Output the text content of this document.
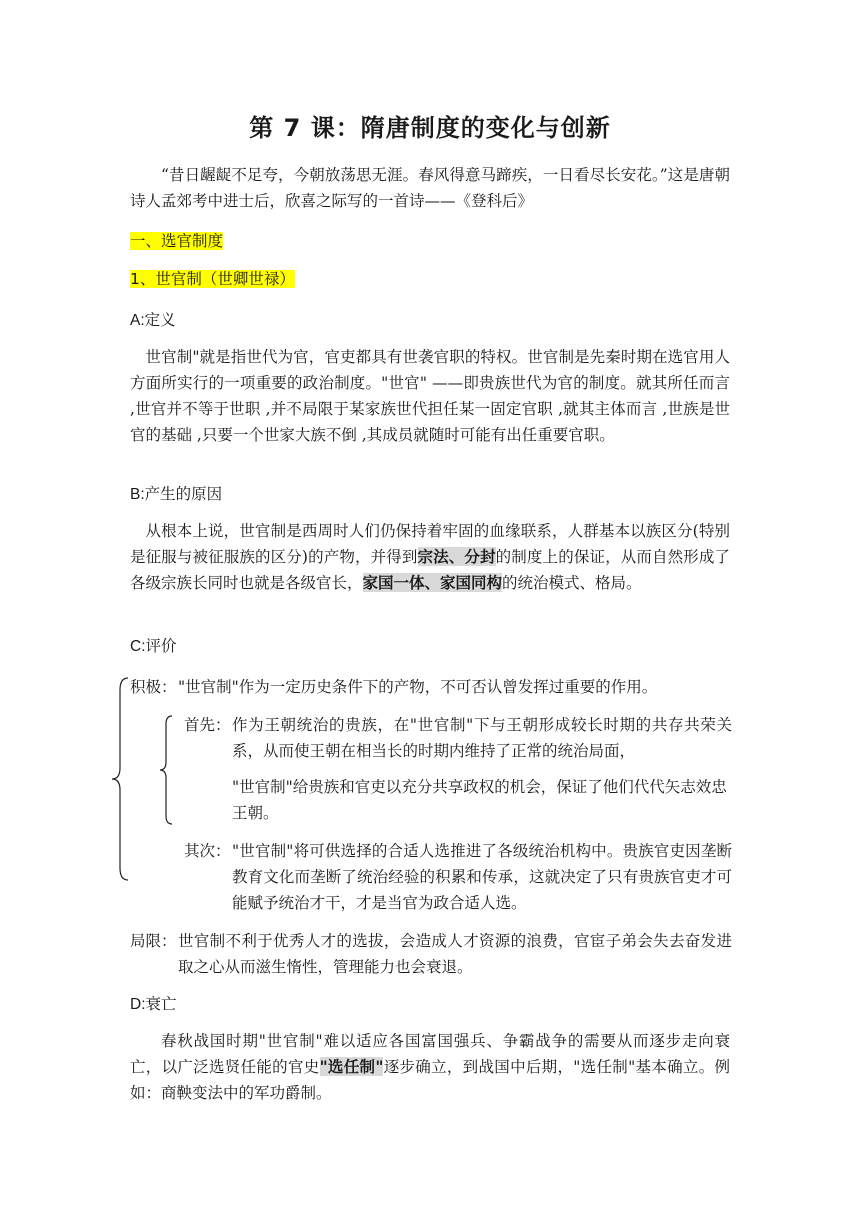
第 7 课：隋唐制度的变化与创新
“昔日龌龊不足夸，今朝放荡思无涯。春风得意马蹄疾，一日看尽长安花。”这是唐朝诗人孟郊考中进士后，欣喜之际写的一首诗——《登科后》
一、选官制度
1、世官制（世卿世禄）
A:定义
世官制"就是指世代为官，官吏都具有世袭官职的特权。世官制是先秦时期在选官用人方面所实行的一项重要的政治制度。"世官" ——即贵族世代为官的制度。就其所任而言 ,世官并不等于世职 ,并不局限于某家族世代担任某一固定官职 ,就其主体而言 ,世族是世官的基础 ,只要一个世家大族不倒 ,其成员就随时可能有出任重要官职。
B:产生的原因
从根本上说，世官制是西周时人们仍保持着牢固的血缘联系，人群基本以族区分(特别是征服与被征服族的区分)的产物，并得到宗法、分封的制度上的保证，从而自然形成了各级宗族长同时也就是各级官长，家国一体、家国同构的统治模式、格局。
C:评价
积极： "世官制"作为一定历史条件下的产物，不可否认曾发挥过重要的作用。
首先： 作为王朝统治的贵族，在"世官制"下与王朝形成较长时期的共存共荣关系，从而使王朝在相当长的时期内维持了正常的统治局面，
"世官制"给贵族和官吏以充分共享政权的机会，保证了他们代代矢志效忠王朝。
其次： "世官制"将可供选择的合适人选推进了各级统治机构中。贵族官吏因垄断教育文化而垄断了统治经验的积累和传承，这就决定了只有贵族官吏才可能赋予统治才干，才是当官为政合适人选。
局限： 世官制不利于优秀人才的选拔，会造成人才资源的浪费，官宦子弟会失去奋发进取之心从而滋生惰性，管理能力也会衰退。
D:衰亡
春秋战国时期"世官制"难以适应各国富国强兵、争霸战争的需要从而逐步走向衰亡，以广泛选贤任能的官史"选任制"逐步确立，到战国中后期，"选任制"基本确立。例如：商鞅变法中的军功爵制。
